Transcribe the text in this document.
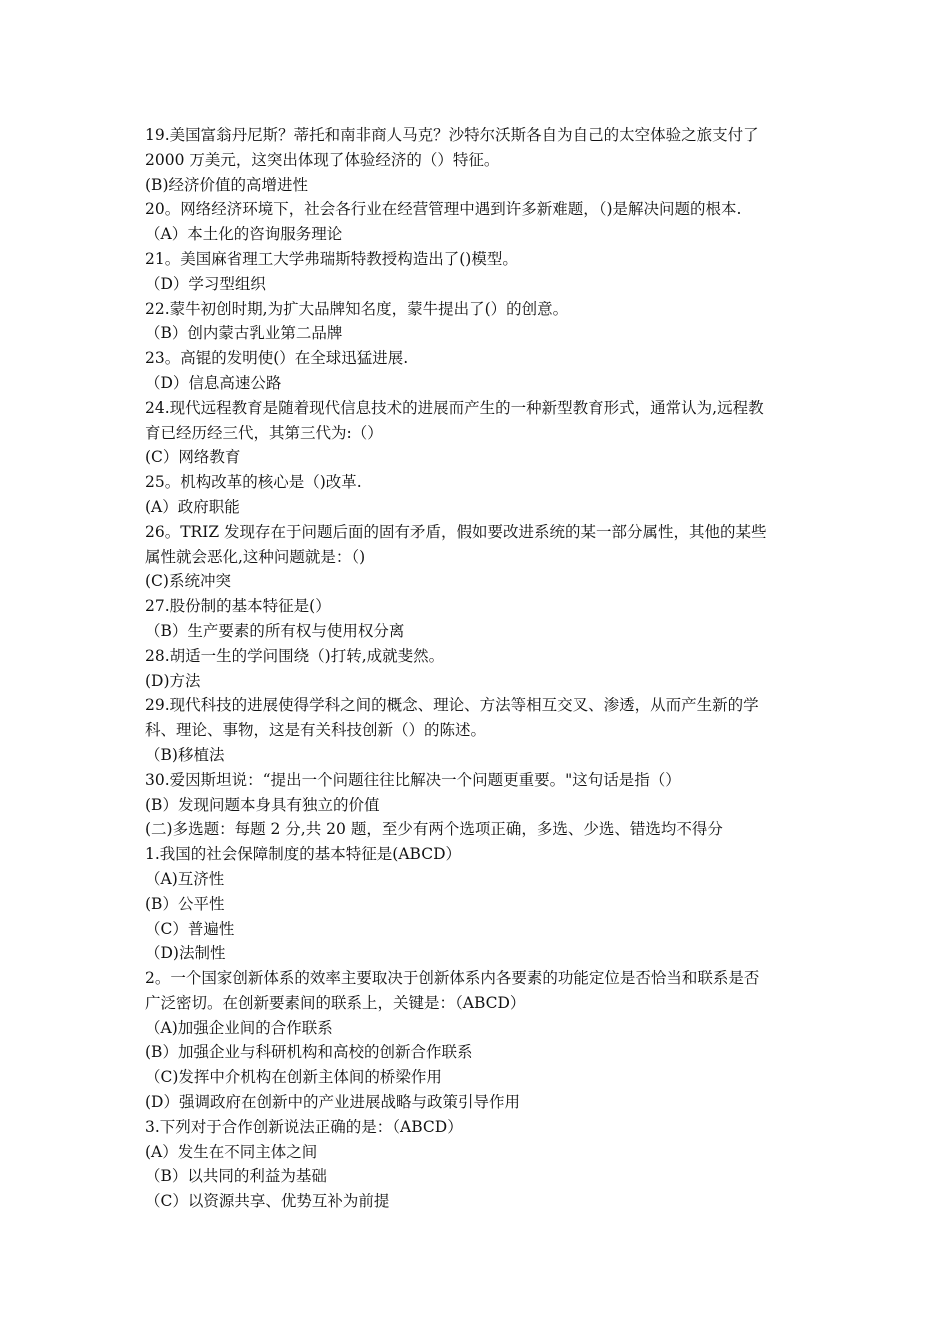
19.美国富翁丹尼斯？蒂托和南非商人马克？沙特尔沃斯各自为自己的太空体验之旅支付了
2000 万美元，这突出体现了体验经济的（）特征。
(B)经济价值的高增进性
20。网络经济环境下，社会各行业在经营管理中遇到许多新难题，（)是解决问题的根本.
（A）本土化的咨询服务理论
21。美国麻省理工大学弗瑞斯特教授构造出了()模型。
（D）学习型组织
22.蒙牛初创时期,为扩大品牌知名度，蒙牛提出了(）的创意。
（B）创内蒙古乳业第二品牌
23。高锟的发明使(）在全球迅猛进展.
（D）信息高速公路
24.现代远程教育是随着现代信息技术的进展而产生的一种新型教育形式，通常认为,远程教
育已经历经三代，其第三代为:（）
(C）网络教育
25。机构改革的核心是（)改革.
(A）政府职能
26。TRIZ 发现存在于问题后面的固有矛盾，假如要改进系统的某一部分属性，其他的某些
属性就会恶化,这种问题就是：（)
(C)系统冲突
27.股份制的基本特征是(）
（B）生产要素的所有权与使用权分离
28.胡适一生的学问围绕（)打转,成就斐然。
(D)方法
29.现代科技的进展使得学科之间的概念、理论、方法等相互交叉、渗透，从而产生新的学
科、理论、事物，这是有关科技创新（）的陈述。
（B)移植法
30.爱因斯坦说：“提出一个问题往往比解决一个问题更重要。"这句话是指（）
(B）发现问题本身具有独立的价值
(二)多选题：每题 2 分,共 20 题，至少有两个选项正确，多选、少选、错选均不得分
1.我国的社会保障制度的基本特征是(ABCD）
（A)互济性
(B）公平性
（C）普遍性
（D)法制性
2。一个国家创新体系的效率主要取决于创新体系内各要素的功能定位是否恰当和联系是否
广泛密切。在创新要素间的联系上，关键是：（ABCD）
（A)加强企业间的合作联系
(B）加强企业与科研机构和高校的创新合作联系
（C)发挥中介机构在创新主体间的桥梁作用
(D）强调政府在创新中的产业进展战略与政策引导作用
3.下列对于合作创新说法正确的是：（ABCD）
(A）发生在不同主体之间
（B）以共同的利益为基础
（C）以资源共享、优势互补为前提
